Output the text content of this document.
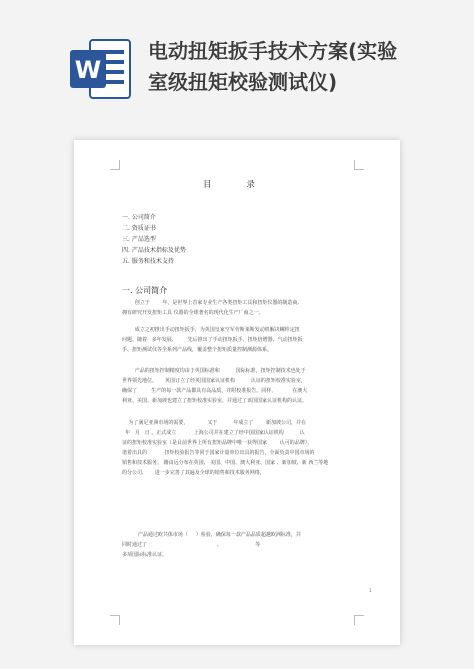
W
电动扭矩扳手技术方案(实验
室级扭矩校验测试仪)
目 录
一. 公司简介
二. 资质证书
三. 产品选型
四. 产品技术指标及优势
五. 服务和技术支持
一. 公司简介
创立于        年，是世界上首家专业生产各类扭矩工具和扭矩仪器的制造商,
拥有研究开发扭矩工具 仪器的全球著名的现代化生产厂商之一。
成立之初推出手动扭矩扳手，为英国皇家空军劳斯莱斯发动机解决螺栓定扭
问题。随着   多年发展,         先后推出了手动扭矩扳手、扭矩倍增器、气动扭矩扳
手、扭矩测试仪等全系列产品线，覆盖整个扭矩质量控制测源体系。
产品的扭矩控制精度均由于英国标准和          国际标准，扭矩控制技术也处于
世界领先地位。     英国订立了经英国国家认证机构          认证的扭矩校准实验室，
确保了         生产的每一款产品都具有高品质，并附校准报告。同样，          在澳大
利亚、美国、新加坡也建立了扭矩校准实验室，并通过了该国国家认证机构的认证。
为了满足亚洲市场的需要，            又于          年成立了        新加坡公司，并在
年   月   日 ，正式成立           上海公司并在建立了经中国国家认证机构          认
证的扭矩校准实验室（是目前世界上所有扭矩品牌中唯一获得国家        认可的品牌），
诸着出具的           扭矩校验报告等同于国家计量单位出具的报告，全面负责中国市场的
销售和技术服务。 籍由远分布在英国、 美国、中国、澳大利亚、国家 、新加坡、新 西兰等地
的分公司,       进一步完善了其遍及全球的销售和技术服务网络。
产品通过欧共体市场（     ）检验，确保每一款产品品质超越欧洲标准，并
同时通过了                                            、                     等
多项国际标准认证。
1
